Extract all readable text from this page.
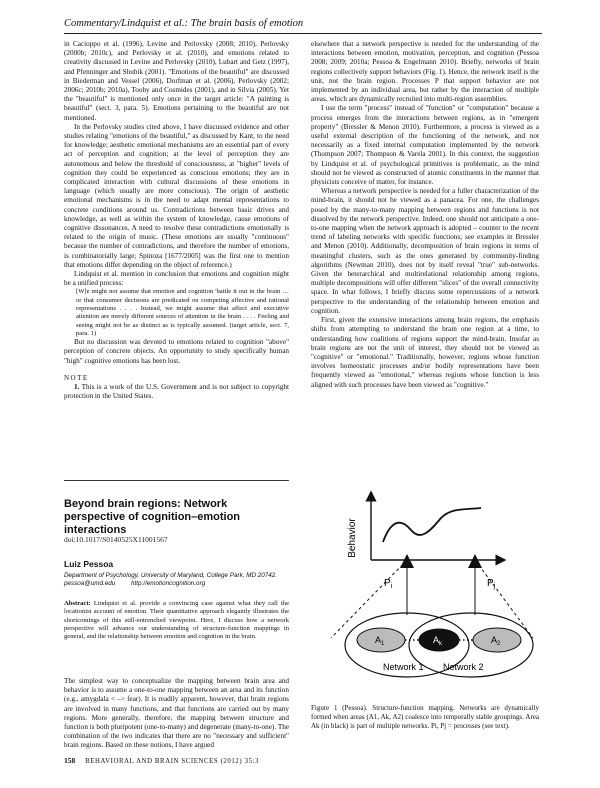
Commentary/Lindquist et al.: The brain basis of emotion

in Cacioppo et al. (1996), Levine and Perlovsky (2008; 2010), Perlovsky (2000b; 2010c), and Perlovsky et al. (2010), and emotions related to creativity discussed in Levine and Perlovsky (2010), Lubart and Getz (1997), and Pfenninger and Shubik (2001). "Emotions of the beautiful" are discussed in Biederman and Vessel (2006), Dorfman et al. (2006), Perlovsky (2002; 2006c; 2010b; 2010a), Tooby and Cosmides (2001), and in Silvia (2005). Yet the "beautiful" is mentioned only once in the target article: "A painting is beautiful" (sect. 3, para. 5). Emotions pertaining to the beautiful are not mentioned.

In the Perlovsky studies cited above, I have discussed evidence and other studies relating "emotions of the beautiful," as discussed by Kant, to the need for knowledge; aesthetic emotional mechanisms are an essential part of every act of perception and cognition; at the level of perception they are autonomous and below the threshold of consciousness, at "higher" levels of cognition they could be experienced as conscious emotions; they are in complicated interaction with cultural discussions of these emotions in language (which usually are more conscious). The origin of aesthetic emotional mechanisms is in the need to adapt mental representations to concrete conditions around us. Contradictions between basic drives and knowledge, as well as within the system of knowledge, cause emotions of cognitive dissonances. A need to resolve these contradictions emotionally is related to the origin of music. (These emotions are usually "continuous" because the number of contradictions, and therefore the number of emotions, is combinatorially large; Spinoza [1677/2005] was the first one to mention that emotions differ depending on the object of reference.)

Lindquist et al. mention in conclusion that emotions and cognition might be a unified process:

[W]e might not assume that emotion and cognition 'battle it out in the brain … or that consumer decisions are predicated on competing affective and rational representations . . . . Instead, we might assume that affect and executive attention are merely different sources of attention in the brain . . . . Feeling and seeing might not be as distinct as is typically assumed. (target article, sect. 7, para. 1)

But no discussion was devoted to emotions related to cognition "above" perception of concrete objects. An opportunity to study specifically human "high" cognitive emotions has been lost.

NOTE

1. This is a work of the U.S. Government and is not subject to copyright protection in the United States.

Beyond brain regions: Network perspective of cognition–emotion interactions
doi:10.1017/S0140525X11001567
Luiz Pessoa
Department of Psychology, University of Maryland, College Park, MD 20742.
pessoa@umd.edu	http://emotioncognition.org
Abstract: Lindquist et al. provide a convincing case against what they call the locationist account of emotion. Their quantitative approach elegantly illustrates the shortcomings of this still-entrenched viewpoint. Here, I discuss how a network perspective will advance our understanding of structure-function mappings in general, and the relationship between emotion and cognition in the brain.

The simplest way to conceptualize the mapping between brain area and behavior is to assume a one-to-one mapping between an area and its function (e.g., amygdala < –> fear). It is readily apparent, however, that brain regions are involved in many functions, and that functions are carried out by many regions. More generally, therefore, the mapping between structure and function is both pluripotent (one-to-many) and degenerate (many-to-one). The combination of the two indicates that there are no "necessary and sufficient" brain regions. Based on these notions, I have argued

elsewhere that a network perspective is needed for the understanding of the interactions between emotion, motivation, perception, and cognition (Pessoa 2008; 2009; 2010a; Pessoa & Engelmann 2010). Briefly, networks of brain regions collectively support behaviors (Fig. 1). Hence, the network itself is the unit, not the brain region. Processes P that support behavior are not implemented by an individual area, but rather by the interaction of multiple areas, which are dynamically recruited into multi-region assemblies.

I use the term "process" instead of "function" or "computation" because a process emerges from the interactions between regions, as in "emergent property" (Bressler & Menon 2010). Furthermore, a process is viewed as a useful external description of the functioning of the network, and not necessarily as a fixed internal computation implemented by the network (Thompson 2007; Thompson & Varela 2001). In this context, the suggestion by Lindquist et al. of psychological primitives is problematic, as the mind should not be viewed as constructed of atomic constituents in the manner that physicists conceive of matter, for instance.

Whereas a network perspective is needed for a fuller characterization of the mind-brain, it should not be viewed as a panacea. For one, the challenges posed by the many-to-many mapping between regions and functions is not dissolved by the network perspective. Indeed, one should not anticipate a one-to-one mapping when the network approach is adopted – counter to the recent trend of labeling networks with specific functions; see examples in Bressler and Menon (2010). Additionally, decomposition of brain regions in terms of meaningful clusters, such as the ones generated by community-finding algorithms (Newman 2010), does not by itself reveal "true" sub-networks. Given the heterarchical and multirelational relationship among regions, multiple decompositions will offer different "slices" of the overall connectivity space. In what follows, I briefly discuss some repercussions of a network perspective to the understanding of the relationship between emotion and cognition.

First, given the extensive interactions among brain regions, the emphasis shifts from attempting to understand the brain one region at a time, to understanding how coalitions of regions support the mind-brain. Insofar as brain regions are not the unit of interest, they should not be viewed as "cognitive" or "emotional." Traditionally, however, regions whose function involves homeostatic processes and/or bodily representations have been frequently viewed as "emotional," whereas regions whose function is less aligned with such processes have been viewed as "cognitive."

Behavior
$P_i$	$P_j$
$A_1$	$A_k$	$A_2$
Network 1 Network 2
Figure 1 (Pessoa). Structure-function mapping. Networks are dynamically formed when areas (A1, Ak, A2) coalesce into temporally stable groupings. Area Ak (in black) is part of multiple networks. Pi, Pj = processes (see text).
158 BEHAVIORAL AND BRAIN SCIENCES (2012) 35:3
